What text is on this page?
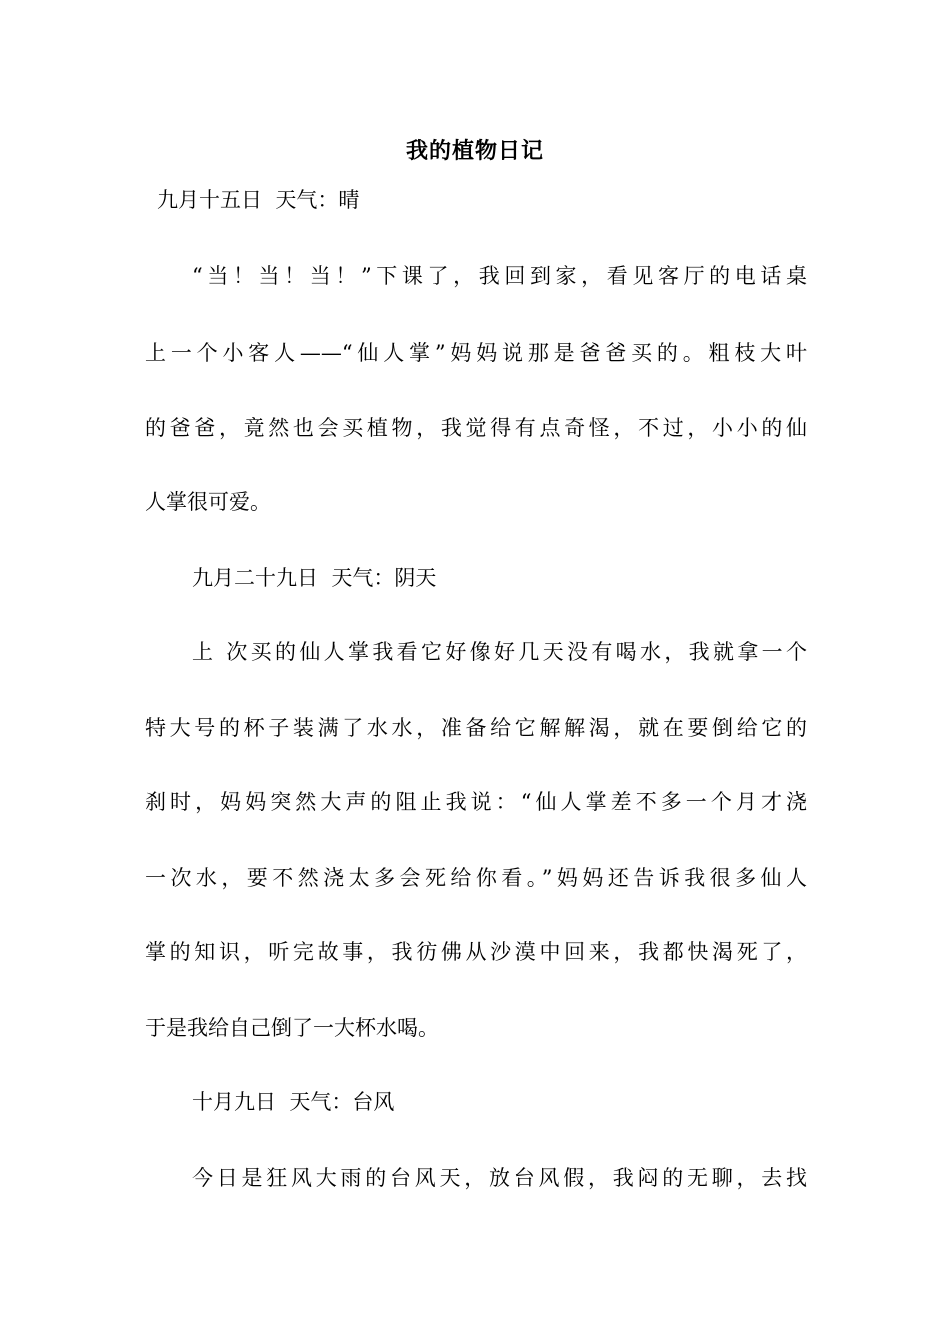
我的植物日记
九月十五日  天气：晴
“当！当！当！”下课了，我回到家，看见客厅的电话桌
上一个小客人——“仙人掌”妈妈说那是爸爸买的。粗枝大叶
的爸爸，竟然也会买植物，我觉得有点奇怪，不过，小小的仙
人掌很可爱。
九月二十九日  天气：阴天
上 次买的仙人掌我看它好像好几天没有喝水，我就拿一个
特大号的杯子装满了水水，准备给它解解渴，就在要倒给它的
刹时，妈妈突然大声的阻止我说：“仙人掌差不多一个月才浇
一次水，要不然浇太多会死给你看。”妈妈还告诉我很多仙人
掌的知识，听完故事，我彷佛从沙漠中回来，我都快渴死了，
于是我给自己倒了一大杯水喝。
十月九日  天气：台风
今日是狂风大雨的台风天，放台风假，我闷的无聊，去找
